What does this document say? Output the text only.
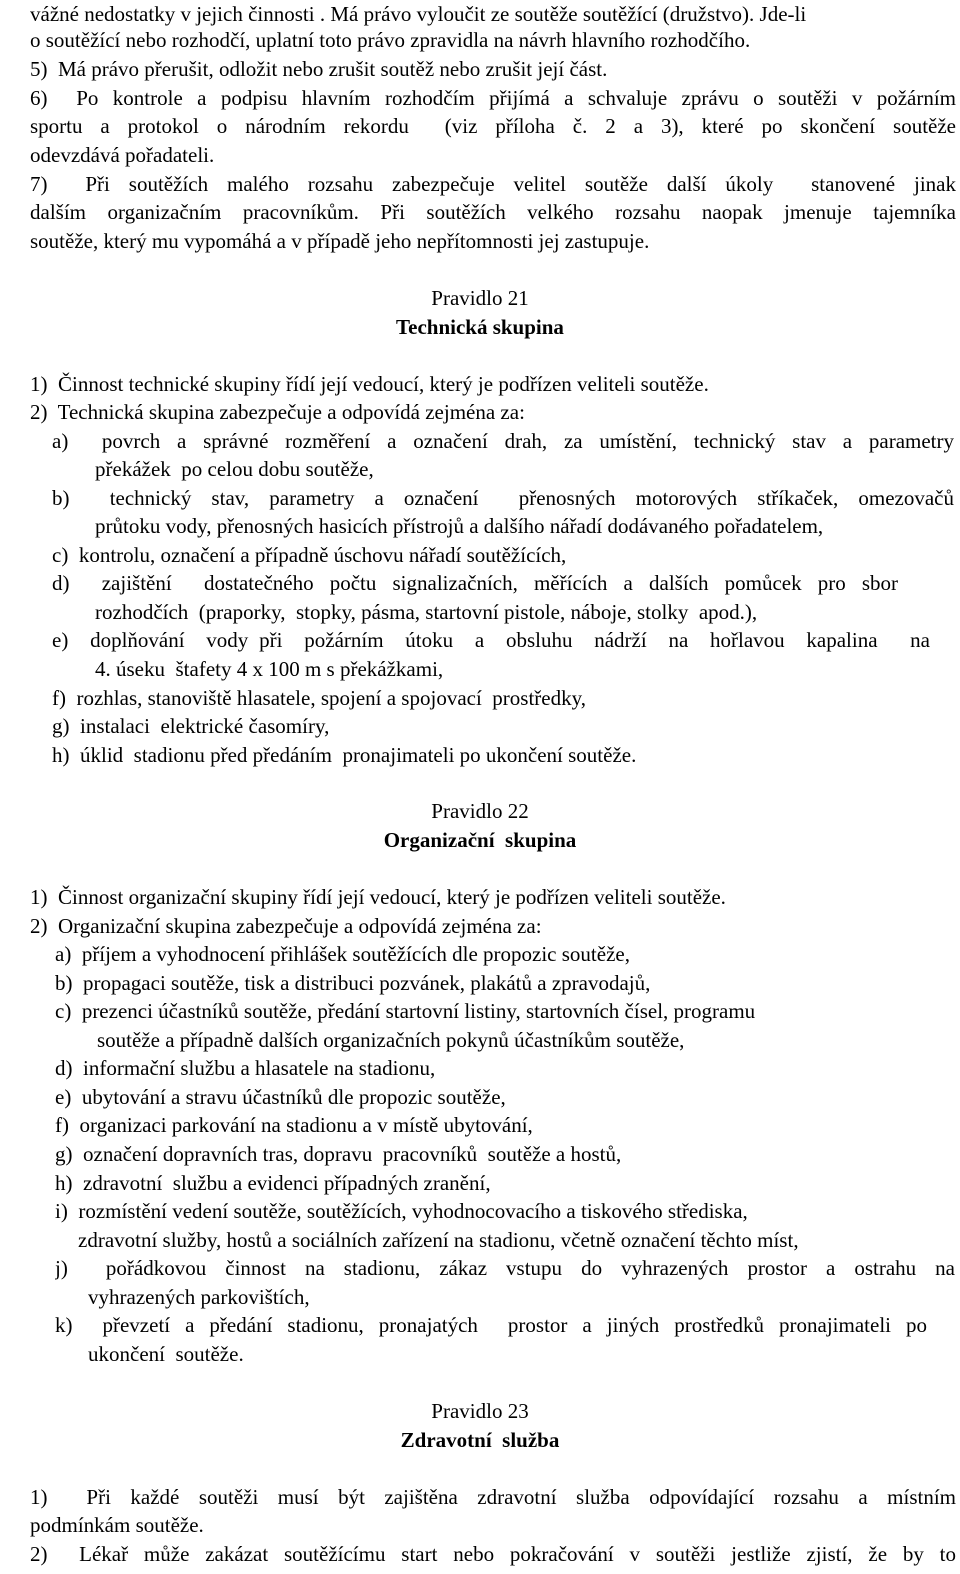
vážné nedostatky v jejich činnosti . Má právo vyloučit ze soutěže soutěžící (družstvo). Jde-li
o soutěžící nebo rozhodčí, uplatní toto právo zpravidla na návrh hlavního rozhodčího.
5)  Má právo přerušit, odložit nebo zrušit soutěž nebo zrušit její část.
6)  Po kontrole a podpisu hlavním rozhodčím přijímá a schvaluje zprávu o soutěži v požárním
sportu a protokol o národním rekordu  (viz příloha č. 2 a 3), které po skončení soutěže
odevzdává pořadateli.
7)  Při soutěžích malého rozsahu zabezpečuje velitel soutěže další úkoly  stanovené jinak
dalším organizačním pracovníkům. Při soutěžích velkého rozsahu naopak jmenuje tajemníka
soutěže, který mu vypomáhá a v případě jeho nepřítomnosti jej zastupuje.
Pravidlo 21
Technická skupina
1)  Činnost technické skupiny řídí její vedoucí, který je podřízen veliteli soutěže.
2)  Technická skupina zabezpečuje a odpovídá zejména za:
a)  povrch a správné rozměření a označení drah, za umístění, technický stav a parametry
překážek  po celou dobu soutěže,
b)  technický stav, parametry a označení  přenosných motorových stříkaček, omezovačů
průtoku vody, přenosných hasicích přístrojů a dalšího nářadí dodávaného pořadatelem,
c)  kontrolu, označení a případně úschovu nářadí soutěžících,
d)  zajištění  dostatečného počtu signalizačních, měřících a dalších pomůcek pro sbor
rozhodčích  (praporky,  stopky, pásma, startovní pistole, náboje, stolky  apod.),
e)  doplňování  vody při  požárním  útoku  a  obsluhu  nádrží  na  hořlavou  kapalina   na
4. úseku  štafety 4 x 100 m s překážkami,
f)  rozhlas, stanoviště hlasatele, spojení a spojovací  prostředky,
g)  instalaci  elektrické časomíry,
h)  úklid  stadionu před předáním  pronajimateli po ukončení soutěže.
Pravidlo 22
Organizační  skupina
1)  Činnost organizační skupiny řídí její vedoucí, který je podřízen veliteli soutěže.
2)  Organizační skupina zabezpečuje a odpovídá zejména za:
a)  příjem a vyhodnocení přihlášek soutěžících dle propozic soutěže,
b)  propagaci soutěže, tisk a distribuci pozvánek, plakátů a zpravodajů,
c)  prezenci účastníků soutěže, předání startovní listiny, startovních čísel, programu
soutěže a případně dalších organizačních pokynů účastníkům soutěže,
d)  informační službu a hlasatele na stadionu,
e)  ubytování a stravu účastníků dle propozic soutěže,
f)  organizaci parkování na stadionu a v místě ubytování,
g)  označení dopravních tras, dopravu  pracovníků  soutěže a hostů,
h)  zdravotní  službu a evidenci případných zranění,
i)  rozmístění vedení soutěže, soutěžících, vyhodnocovacího a tiskového střediska,
zdravotní služby, hostů a sociálních zařízení na stadionu, včetně označení těchto míst,
j)  pořádkovou činnost na stadionu, zákaz vstupu do vyhrazených prostor a ostrahu na
vyhrazených parkovištích,
k)  převzetí a předání stadionu, pronajatých  prostor a jiných prostředků pronajimateli po
ukončení  soutěže.
Pravidlo 23
Zdravotní  služba
1)  Při každé soutěži musí být zajištěna zdravotní služba odpovídající rozsahu a místním
podmínkám soutěže.
2)  Lékař může zakázat soutěžícímu start nebo pokračování v soutěži jestliže zjistí, že by to
